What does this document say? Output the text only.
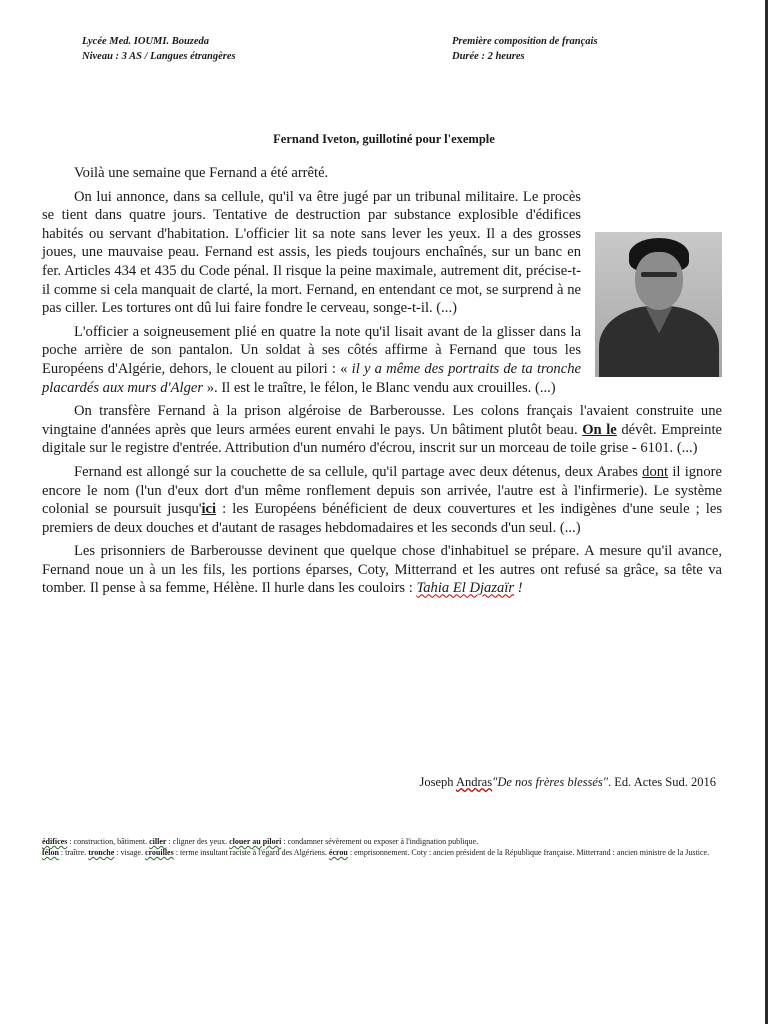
Lycée Med. IOUMI. Bouzeda
Niveau : 3 AS / Langues étrangères
Première composition de français
Durée : 2 heures
Fernand Iveton, guillotiné pour l'exemple

Voilà une semaine que Fernand a été arrêté.

On lui annonce, dans sa cellule, qu'il va être jugé par un tribunal militaire. Le procès se tient dans quatre jours. Tentative de destruction par substance explosible d'édifices habités ou servant d'habitation. L'officier lit sa note sans lever les yeux. Il a des grosses joues, une mauvaise peau. Fernand est assis, les pieds toujours enchaînés, sur un banc en fer. Articles 434 et 435 du Code pénal. Il risque la peine maximale, autrement dit, précise-t-il comme si cela manquait de clarté, la mort. Fernand, en entendant ce mot, se surprend à ne pas ciller. Les tortures ont dû lui faire fondre le cerveau, songe-t-il. (...)

L'officier a soigneusement plié en quatre la note qu'il lisait avant de la glisser dans la poche arrière de son pantalon. Un soldat à ses côtés affirme à Fernand que tous les Européens d'Algérie, dehors, le clouent au pilori : « il y a même des portraits de ta tronche placardés aux murs d'Alger ». Il est le traître, le félon, le Blanc vendu aux crouilles. (...)

On transfère Fernand à la prison algéroise de Barberousse. Les colons français l'avaient construite une vingtaine d'années après que leurs armées eurent envahi le pays. Un bâtiment plutôt beau. On le dévêt. Empreinte digitale sur le registre d'entrée. Attribution d'un numéro d'écrou, inscrit sur un morceau de toile grise - 6101. (...)

Fernand est allongé sur la couchette de sa cellule, qu'il partage avec deux détenus, deux Arabes dont il ignore encore le nom (l'un d'eux dort d'un même ronflement depuis son arrivée, l'autre est à l'infirmerie). Le système colonial se poursuit jusqu'ici : les Européens bénéficient de deux couvertures et les indigènes d'une seule ; les premiers de deux douches et d'autant de rasages hebdomadaires et les seconds d'un seul. (...)

Les prisonniers de Barberousse devinent que quelque chose d'inhabituel se prépare. A mesure qu'il avance, Fernand noue un à un les fils, les portions éparses, Coty, Mitterrand et les autres ont refusé sa grâce, sa tête va tomber. Il pense à sa femme, Hélène. Il hurle dans les couloirs : Tahia El Djazaïr !

Joseph Andras"De nos frères blessés". Ed. Actes Sud. 2016
édifices : construction, bâtiment. ciller : cligner des yeux. clouer au pilori : condamner sévèrement ou exposer à l'indignation publique.
félon : traître. tronche : visage. crouilles : terme insultant raciste à l'égard des Algériens. écrou : emprisonnement. Coty : ancien président de la République française. Mitterrand : ancien ministre de la Justice.
